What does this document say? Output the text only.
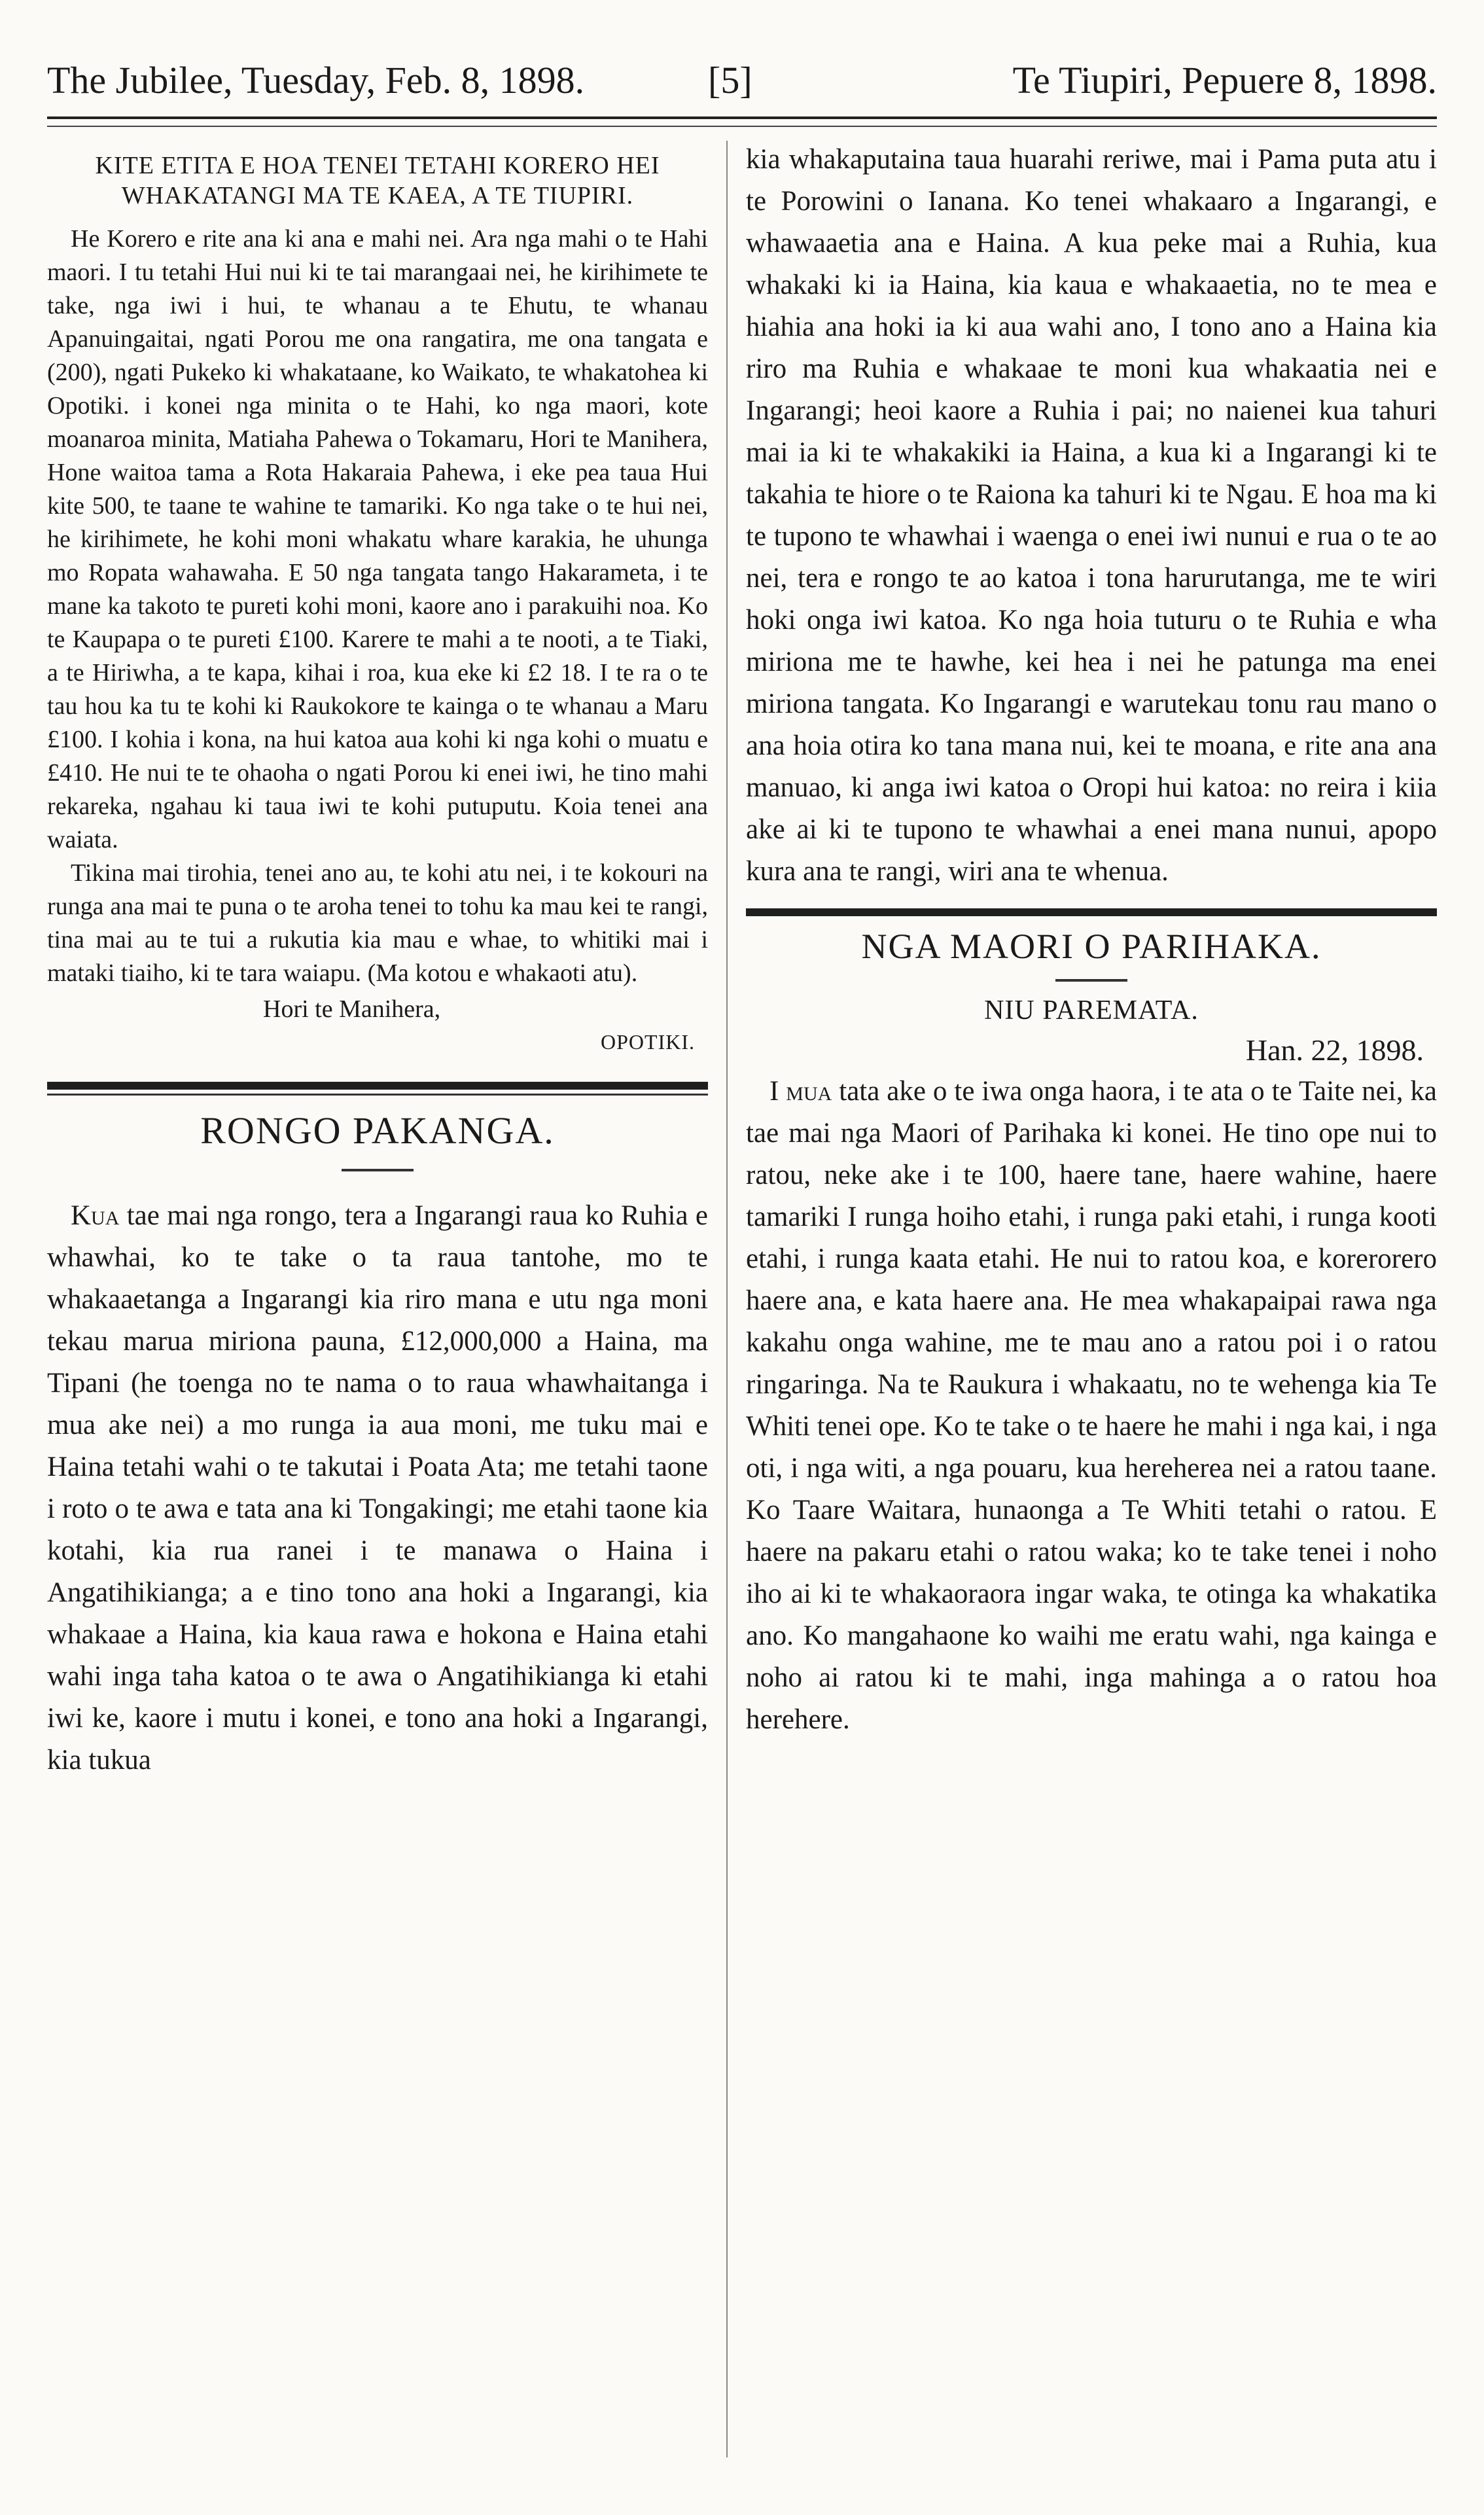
The Jubilee, Tuesday, Feb. 8, 1898.	[5]	Te Tiupiri, Pepuere 8, 1898.
KITE ETITA E HOA TENEI TETAHI KORERO HEI WHAKATANGI MA TE KAEA, A TE TIUPIRI.

He Korero e rite ana ki ana e mahi nei. Ara nga mahi o te Hahi maori. I tu tetahi Hui nui ki te tai marangaai nei, he kirihimete te take, nga iwi i hui, te whanau a te Ehutu, te whanau Apanuingaitai, ngati Porou me ona rangatira, me ona tangata e (200), ngati Pukeko ki whakataane, ko Waikato, te whakatohea ki Opotiki. i konei nga minita o te Hahi, ko nga maori, kote moanaroa minita, Matiaha Pahewa o Tokamaru, Hori te Manihera, Hone waitoa tama a Rota Hakaraia Pahewa, i eke pea taua Hui kite 500, te taane te wahine te tamariki. Ko nga take o te hui nei, he kirihimete, he kohi moni whakatu whare karakia, he uhunga mo Ropata wahawaha. E 50 nga tangata tango Hakarameta, i te mane ka takoto te pureti kohi moni, kaore ano i parakuihi noa. Ko te Kaupapa o te pureti £100. Karere te mahi a te nooti, a te Tiaki, a te Hiriwha, a te kapa, kihai i roa, kua eke ki £2 18. I te ra o te tau hou ka tu te kohi ki Raukokore te kainga o te whanau a Maru £100. I kohia i kona, na hui katoa aua kohi ki nga kohi o muatu e £410. He nui te te ohaoha o ngati Porou ki enei iwi, he tino mahi rekareka, ngahau ki taua iwi te kohi putuputu. Koia tenei ana waiata.

Tikina mai tirohia, tenei ano au, te kohi atu nei, i te kokouri na runga ana mai te puna o te aroha tenei to tohu ka mau kei te rangi, tina mai au te tui a rukutia kia mau e whae, to whitiki mai i mataki tiaiho, ki te tara waiapu. (Ma kotou e whakaoti atu).

Hori te Manihera,
OPOTIKI.
RONGO PAKANGA.

Kua tae mai nga rongo, tera a Ingarangi raua ko Ruhia e whawhai, ko te take o ta raua tantohe, mo te whakaaetanga a Ingarangi kia riro mana e utu nga moni tekau marua miriona pauna, £12,000,000 a Haina, ma Tipani (he toenga no te nama o to raua whawhaitanga i mua ake nei) a mo runga ia aua moni, me tuku mai e Haina tetahi wahi o te takutai i Poata Ata; me tetahi taone i roto o te awa e tata ana ki Tongakingi; me etahi taone kia kotahi, kia rua ranei i te manawa o Haina i Angatihikianga; a e tino tono ana hoki a Ingarangi, kia whakaae a Haina, kia kaua rawa e hokona e Haina etahi wahi inga taha katoa o te awa o Angatihikianga ki etahi iwi ke, kaore i mutu i konei, e tono ana hoki a Ingarangi, kia tukua

kia whakaputaina taua huarahi reriwe, mai i Pama puta atu i te Porowini o Ianana. Ko tenei whakaaro a Ingarangi, e whawaaetia ana e Haina. A kua peke mai a Ruhia, kua whakaki ki ia Haina, kia kaua e whakaaetia, no te mea e hiahia ana hoki ia ki aua wahi ano, I tono ano a Haina kia riro ma Ruhia e whakaae te moni kua whakaatia nei e Ingarangi; heoi kaore a Ruhia i pai; no naienei kua tahuri mai ia ki te whakakiki ia Haina, a kua ki a Ingarangi ki te takahia te hiore o te Raiona ka tahuri ki te Ngau. E hoa ma ki te tupono te whawhai i waenga o enei iwi nunui e rua o te ao nei, tera e rongo te ao katoa i tona harurutanga, me te wiri hoki onga iwi katoa. Ko nga hoia tuturu o te Ruhia e wha miriona me te hawhe, kei hea i nei he patunga ma enei miriona tangata. Ko Ingarangi e warutekau tonu rau mano o ana hoia otira ko tana mana nui, kei te moana, e rite ana ana manuao, ki anga iwi katoa o Oropi hui katoa: no reira i kiia ake ai ki te tupono te whawhai a enei mana nunui, apopo kura ana te rangi, wiri ana te whenua.

NGA MAORI O PARIHAKA.
NIU PAREMATA.
Han. 22, 1898.

I mua tata ake o te iwa onga haora, i te ata o te Taite nei, ka tae mai nga Maori of Parihaka ki konei. He tino ope nui to ratou, neke ake i te 100, haere tane, haere wahine, haere tamariki I runga hoiho etahi, i runga paki etahi, i runga kooti etahi, i runga kaata etahi. He nui to ratou koa, e korerorero haere ana, e kata haere ana. He mea whakapaipai rawa nga kakahu onga wahine, me te mau ano a ratou poi i o ratou ringaringa. Na te Raukura i whakaatu, no te wehenga kia Te Whiti tenei ope. Ko te take o te haere he mahi i nga kai, i nga oti, i nga witi, a nga pouaru, kua hereherea nei a ratou taane. Ko Taare Waitara, hunaonga a Te Whiti tetahi o ratou. E haere na pakaru etahi o ratou waka; ko te take tenei i noho iho ai ki te whakaoraora ingar waka, te otinga ka whakatika ano. Ko mangahaone ko waihi me eratu wahi, nga kainga e noho ai ratou ki te mahi, inga mahinga a o ratou hoa herehere.
